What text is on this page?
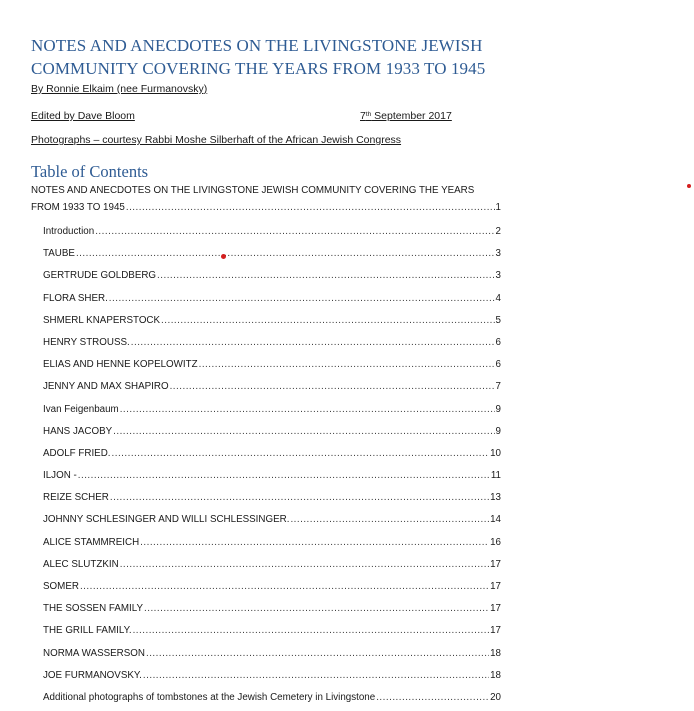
NOTES AND ANECDOTES ON THE LIVINGSTONE JEWISH
COMMUNITY COVERING THE YEARS FROM 1933 TO 1945
By Ronnie Elkaim (nee Furmanovsky)
Edited by Dave Bloom	7th September 2017
Photographs – courtesy Rabbi Moshe Silberhaft of the African Jewish Congress
Table of Contents
NOTES AND ANECDOTES ON THE LIVINGSTONE JEWISH COMMUNITY COVERING THE YEARS
FROM 1933 TO 1945 .....	1
Introduction .....	2
TAUBE .....	3
GERTRUDE GOLDBERG .....	3
FLORA SHER. .....	4
SHMERL KNAPERSTOCK .....	5
HENRY STROUSS. .....	6
ELIAS AND HENNE KOPELOWITZ .....	6
JENNY AND MAX SHAPIRO .....	7
Ivan Feigenbaum .....	9
HANS JACOBY .....	9
ADOLF FRIED. .....	10
ILJON - .....	11
REIZE SCHER .....	13
JOHNNY SCHLESINGER AND WILLI SCHLESSINGER. .....	14
ALICE STAMMREICH .....	16
ALEC SLUTZKIN .....	17
SOMER .....	17
THE SOSSEN FAMILY .....	17
THE GRILL FAMILY. .....	17
NORMA WASSERSON .....	18
JOE FURMANOVSKY. .....	18
Additional photographs of tombstones at the Jewish Cemetery in Livingstone .....	20
